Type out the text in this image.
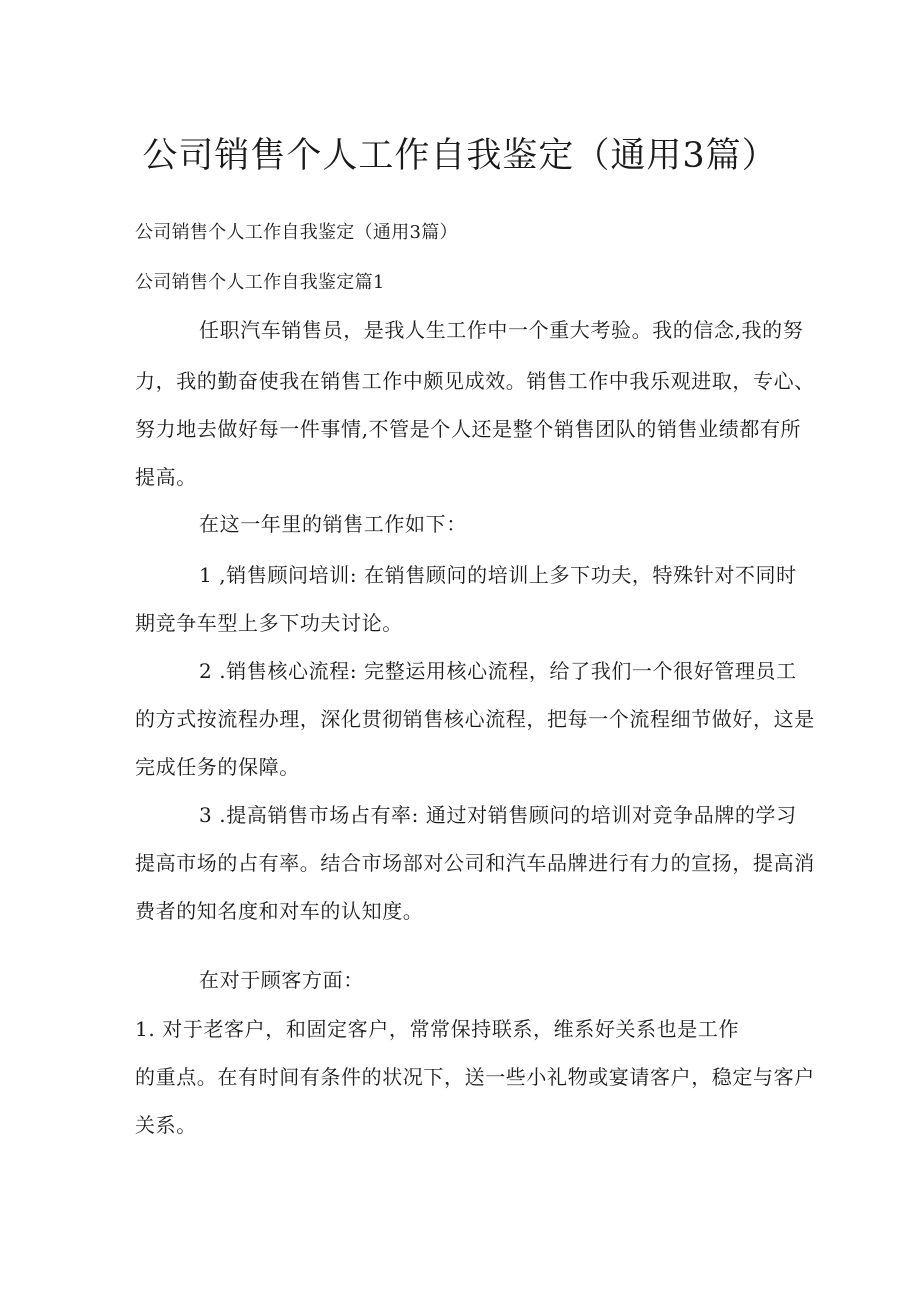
公司销售个人工作自我鉴定（通用3篇）
公司销售个人工作自我鉴定（通用3篇）
公司销售个人工作自我鉴定篇1
任职汽车销售员，是我人生工作中一个重大考验。我的信念,我的努
力，我的勤奋使我在销售工作中颇见成效。销售工作中我乐观进取，专心、
努力地去做好每一件事情,不管是个人还是整个销售团队的销售业绩都有所
提高。
在这一年里的销售工作如下：
1 ,销售顾问培训: 在销售顾问的培训上多下功夫，特殊针对不同时
期竞争车型上多下功夫讨论。
2 .销售核心流程: 完整运用核心流程，给了我们一个很好管理员工
的方式按流程办理，深化贯彻销售核心流程，把每一个流程细节做好，这是
完成任务的保障。
3 .提高销售市场占有率: 通过对销售顾问的培训对竞争品牌的学习
提高市场的占有率。结合市场部对公司和汽车品牌进行有力的宣扬，提高消
费者的知名度和对车的认知度。
在对于顾客方面：
1. 对于老客户，和固定客户，常常保持联系，维系好关系也是工作
的重点。在有时间有条件的状况下，送一些小礼物或宴请客户，稳定与客户
关系。
